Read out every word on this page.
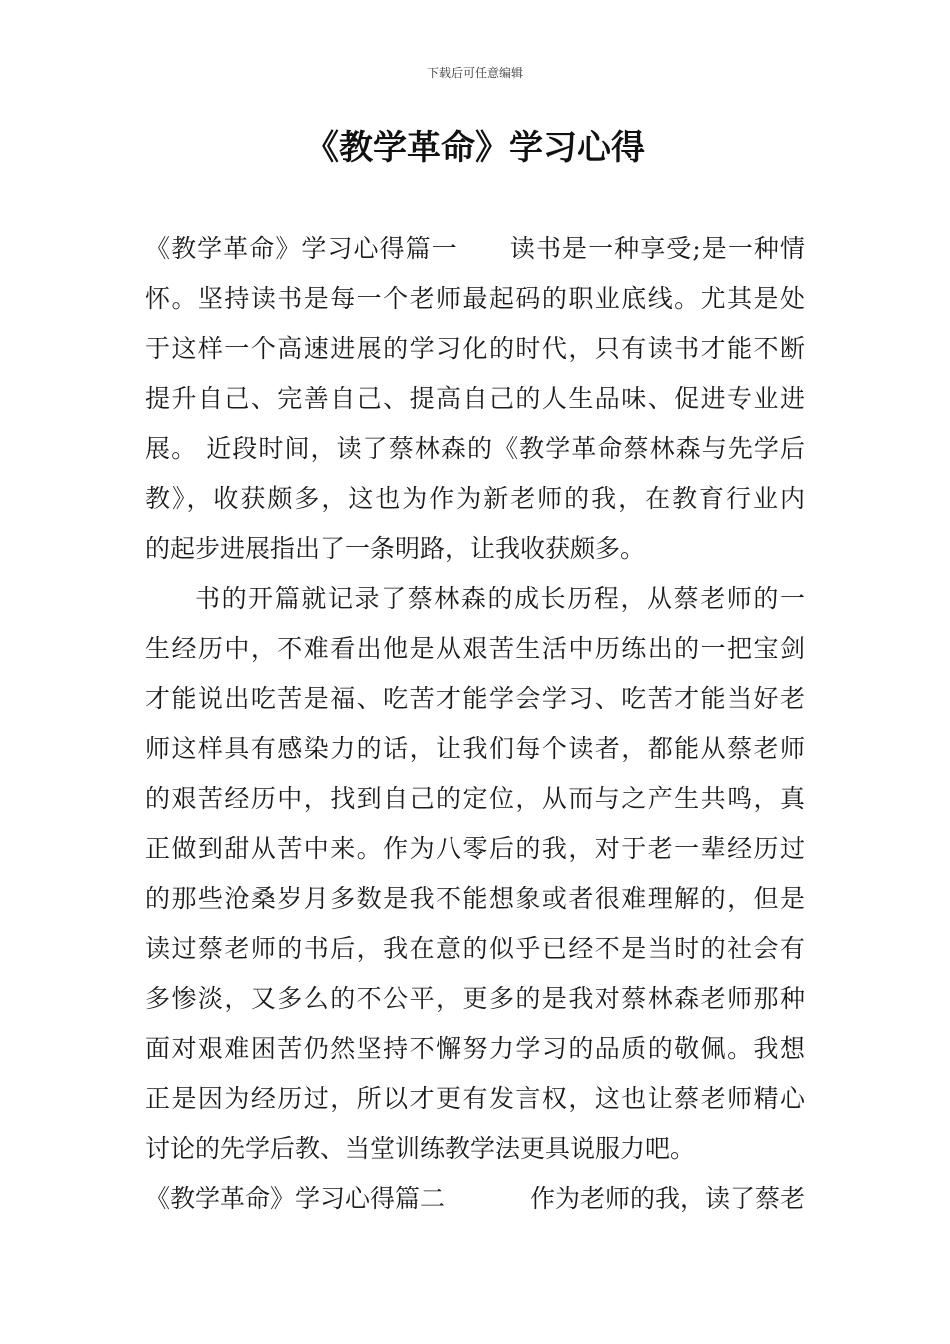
下载后可任意编辑
《教学革命》学习心得
《教学革命》学习心得篇一　　读书是一种享受;是一种情
怀。坚持读书是每一个老师最起码的职业底线。尤其是处
于这样一个高速进展的学习化的时代，只有读书才能不断
提升自己、完善自己、提高自己的人生品味、促进专业进
展。 近段时间，读了蔡林森的《教学革命蔡林森与先学后
教》，收获颇多，这也为作为新老师的我，在教育行业内
的起步进展指出了一条明路，让我收获颇多。
书的开篇就记录了蔡林森的成长历程，从蔡老师的一
生经历中，不难看出他是从艰苦生活中历练出的一把宝剑
才能说出吃苦是福、吃苦才能学会学习、吃苦才能当好老
师这样具有感染力的话，让我们每个读者，都能从蔡老师
的艰苦经历中，找到自己的定位，从而与之产生共鸣，真
正做到甜从苦中来。作为八零后的我，对于老一辈经历过
的那些沧桑岁月多数是我不能想象或者很难理解的，但是
读过蔡老师的书后，我在意的似乎已经不是当时的社会有
多惨淡，又多么的不公平，更多的是我对蔡林森老师那种
面对艰难困苦仍然坚持不懈努力学习的品质的敬佩。我想
正是因为经历过，所以才更有发言权，这也让蔡老师精心
讨论的先学后教、当堂训练教学法更具说服力吧。
《教学革命》学习心得篇二	作为老师的我，读了蔡老
